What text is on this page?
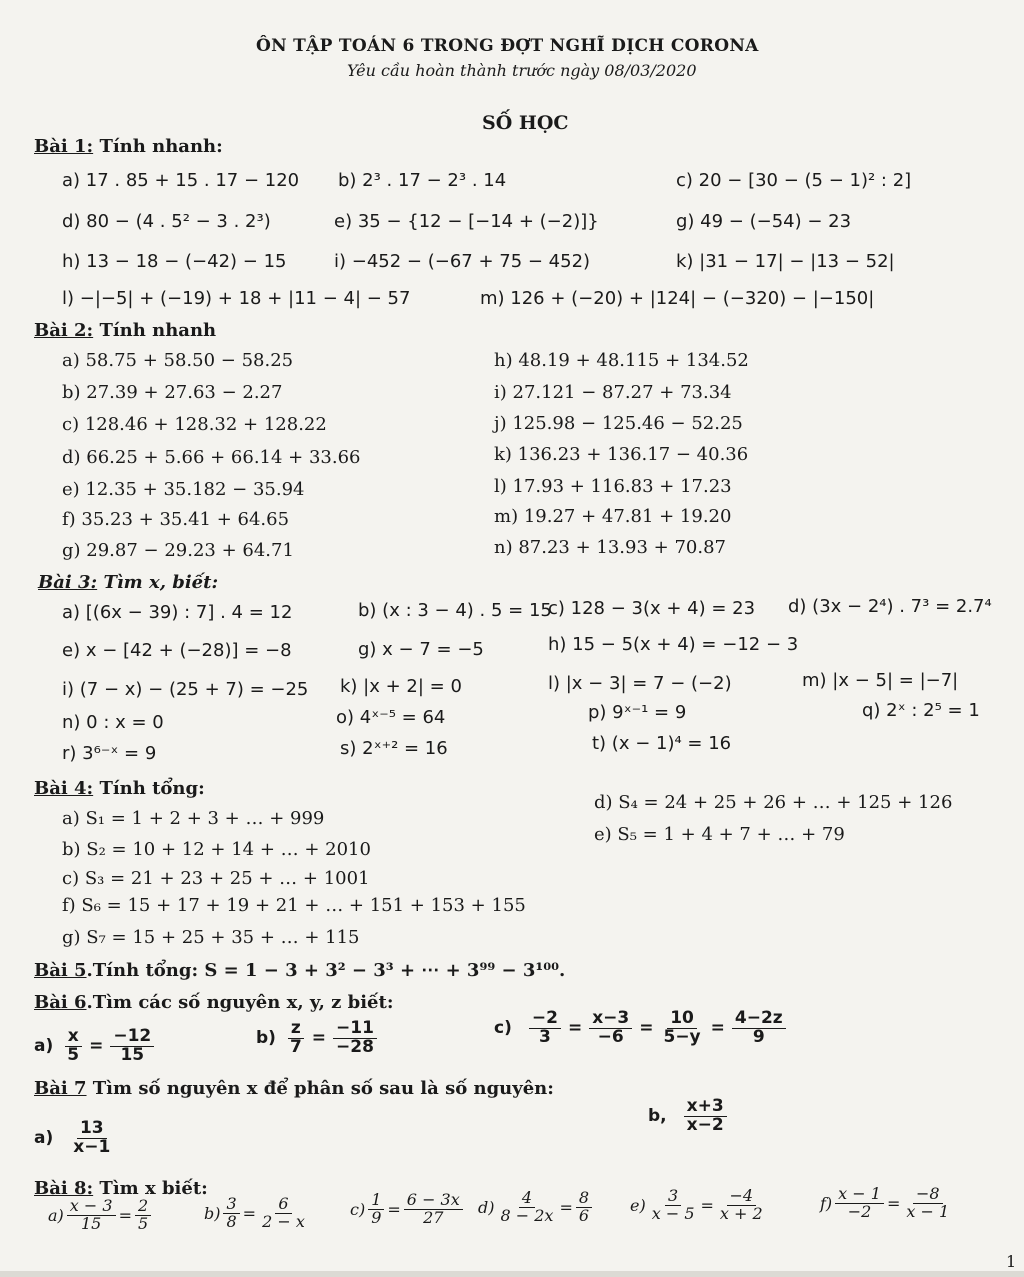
ÔN TẬP TOÁN 6 TRONG ĐỢT NGHĨ DỊCH CORONA
Yêu cầu hoàn thành trước ngày 08/03/2020
SỐ HỌC
Bài 1: Tính nhanh:
a) 17 . 85 + 15 . 17 − 120 b) 2³ . 17 − 2³ . 14	c) 20 − [30 − (5 − 1)² : 2]
d) 80 − (4 . 5² − 3 . 2³)	e) 35 − {12 − [−14 + (−2)]}	g) 49 − (−54) − 23
h) 13 − 18 − (−42) − 15	i) −452 − (−67 + 75 − 452)	k) |31 − 17| − |13 − 52|
l) −|−5| + (−19) + 18 + |11 − 4| − 57	m) 126 + (−20) + |124| − (−320) − |−150|
Bài 2: Tính nhanh
a) 58.75 + 58.50 − 58.25
b) 27.39 + 27.63 − 2.27
c) 128.46 + 128.32 + 128.22
d) 66.25 + 5.66 + 66.14 + 33.66
e) 12.35 + 35.182 − 35.94
f) 35.23 + 35.41 + 64.65
g) 29.87 − 29.23 + 64.71
h) 48.19 + 48.115 + 134.52
i) 27.121 − 87.27 + 73.34
j) 125.98 − 125.46 − 52.25
k) 136.23 + 136.17 − 40.36
l) 17.93 + 116.83 + 17.23
m) 19.27 + 47.81 + 19.20
n) 87.23 + 13.93 + 70.87
Bài 3: Tìm x, biết:
a) [(6x − 39) : 7] . 4 = 12	b) (x : 3 − 4) . 5 = 15
c) 128 − 3(x + 4) = 23 d) (3x − 2⁴) . 7³ = 2.7⁴
e) x − [42 + (−28)] = −8	g) x − 7 = −5	h) 15 − 5(x + 4) = −12 − 3
i) (7 − x) − (25 + 7) = −25 k) |x + 2| = 0	l) |x − 3| = 7 − (−2)	m) |x − 5| = |−7|
n) 0 : x = 0	o) 4ˣ⁻⁵ = 64	p) 9ˣ⁻¹ = 9	q) 2ˣ : 2⁵ = 1
r) 3⁶⁻ˣ = 9	s) 2ˣ⁺² = 16	t) (x − 1)⁴ = 16
Bài 4: Tính tổng:
a) S₁ = 1 + 2 + 3 + … + 999
b) S₂ = 10 + 12 + 14 + … + 2010
c) S₃ = 21 + 23 + 25 + … + 1001
f) S₆ = 15 + 17 + 19 + 21 + … + 151 + 153 + 155
g) S₇ = 15 + 25 + 35 + … + 115
d) S₄ = 24 + 25 + 26 + … + 125 + 126
e) S₅ = 1 + 4 + 7 + … + 79
Bài 5.Tính tổng: S = 1 − 3 + 3² − 3³ + ⋯ + 3⁹⁹ − 3¹⁰⁰.
Bài 6.Tìm các số nguyên x, y, z biết:
$a) \frac{x}{5} = \frac{-12}{15}$	$b) \frac{z}{7} = \frac{-11}{-28}$	$c) \frac{-2}{3} = \frac{x-3}{-6} = \frac{10}{5-y} = \frac{4-2z}{9}$
Bài 7 Tìm số nguyên x để phân số sau là số nguyên:
$a) \frac{13}{x-1}$
b, $\frac{x+3}{x-2}$
Bài 8: Tìm x biết:
$a) \frac{x - 3}{15} = \frac{2}{5}$	$b) \frac{3}{8} = \frac{6}{2 - x}$	$c) \frac{1}{9} = \frac{6 - 3x}{27} d) \frac{4}{8 - 2x} = \frac{8}{6} e) \frac{3}{x - 5} = \frac{-4}{x + 2}$	$f) \frac{x - 1}{-2} = \frac{-8}{x - 1}$
1
